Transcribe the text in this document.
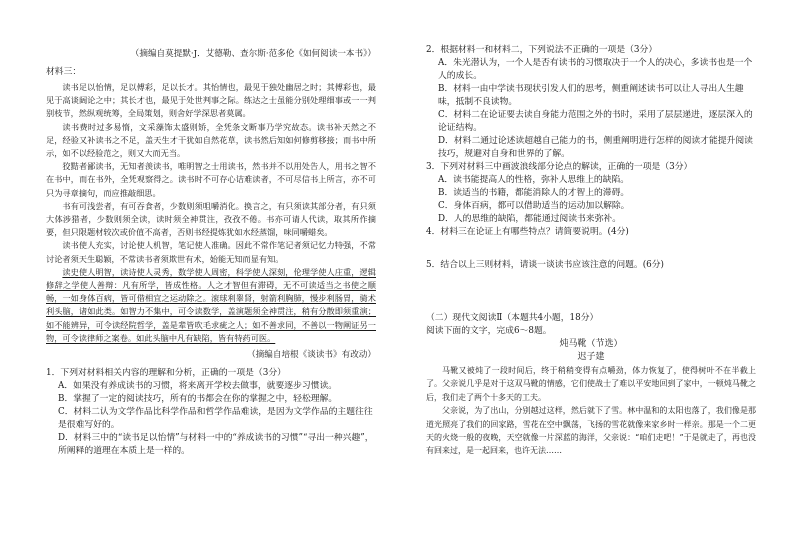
（摘编自莫提默·J．艾德勒、查尔斯·范多伦《如何阅读一本书》）

材料三：

读书足以怡情，足以傅彩，足以长才。其怡情也，最见于独处幽居之时；其傅彩也，最见于高谈阔论之中；其长才也，最见于处世判事之际。练达之士虽能分别处理细事或一一判别枝节，然纵观统筹，全局策划，则舍好学深思者莫属。

读书费时过多易惰，文采藻饰太盛则矫，全凭条文断事乃学究故态。读书补天然之不足，经验又补读书之不足，盖天生才干犹如自然花草，读书然后知如何修剪移接；而书中所示，如不以经验范之，则又大而无当。

狡黠者鄙读书，无知者羡读书，唯明智之士用读书，然书并不以用处告人，用书之智不在书中，而在书外，全凭观察得之。读书时不可存心诘难读者，不可尽信书上所言，亦不可只为寻章摘句，而应推敲细思。

书有可浅尝者，有可吞食者，少数则须咀嚼消化。换言之，有只须读其部分者，有只须大体涉猎者，少数则须全读，读时须全神贯注，孜孜不倦。书亦可请人代读，取其所作摘要，但只限题材较次或价值不高者，否则书经提炼犹如水经蒸馏，味同嚼蜡矣。

读书使人充实，讨论使人机智，笔记使人准确。因此不常作笔记者须记忆力特强，不常讨论者须天生聪颖，不常读书者须欺世有术，始能无知而显有知。

读史使人明智，读诗使人灵秀，数学使人周密，科学使人深刻，伦理学使人庄重，逻辑修辞之学使人善辩：凡有所学，皆成性格。人之才智但有滞碍，无不可读适当之书使之顺畅，一如身体百病，皆可借相宜之运动除之。滚球利睾肾，射箭利胸肺，慢步利肠胃，骑术利头脑，诸如此类。如智力不集中，可令读数学，盖演题须全神贯注，稍有分散即须重演；如不能辨异，可令读经院哲学，盖是辈皆吹毛求疵之人；如不善求同，不善以一物阐证另一物，可令读律师之案卷。如此头脑中凡有缺陷，皆有特药可医。

（摘编自培根《谈读书》有改动）

1．下列对材料相关内容的理解和分析，正确的一项是（3分）

A．如果没有养成读书的习惯，将来离开学校去做事，就要逐步习惯读。

B．掌握了一定的阅读技巧，所有的书都会在你的掌握之中，轻松理解。

C．材料二认为文学作品比科学作品和哲学作品难读，是因为文学作品的主题往往是很难写好的。

D．材料三中的“读书足以怡情”与材料一中的“养成读书的习惯”“寻出一种兴趣”，所阐释的道理在本质上是一样的。

2．根据材料一和材料二，下列说法不正确的一项是（3分）

A．朱光潜认为，一个人是否有读书的习惯取决于一个人的决心，多读书也是一个人的成长。

B．材料一由中学读书现状引发人们的思考，侧重阐述读书可以让人寻出人生趣味，抵制不良读物。

C．材料二在论证要去读自身能力范围之外的书时，采用了层层递进，逐层深入的论证结构。

D．材料二通过论述读超越自己能力的书，侧重阐明进行怎样的阅读才能提升阅读技巧，规避对自身和世界的了解。

3．下列对材料三中画波浪线部分论点的解读，正确的一项是（3分）

A．读书能提高人的性格，弥补人思维上的缺陷。

B．读适当的书籍，都能消除人的才智上的滞碍。

C．身体百病，都可以借助适当的运动加以解除。

D．人的思维的缺陷，都能通过阅读书来弥补。

4．材料三在论证上有哪些特点？请简要说明。(4分)

5．结合以上三则材料，请谈一谈读书应该注意的问题。(6分)

（二）现代文阅读Ⅱ（本题共4小题，18分）

阅读下面的文字，完成6～8题。

炖马靴（节选）

迟子建

马靴又被炖了一段时间后，终于稍稍变得有点嚼劲，体力恢复了，使得树叶不在半截上了。父亲说几乎是对于这双马靴的情感，它们使战士了难以平安地回到了家中，一顿炖马靴之后，我们走了两个十多天的工夫。

父亲说，为了出山，分别越过这样，然后就下了雪。林中温和的太阳也落了，我们像是那道光照亮了我们的回家路，雪花在空中飘荡，飞扬的雪花就像来家乡时一样亲。那是一个二更天的火烧一般的夜晚，天空就像一片深蓝的海洋，父亲说：“咱们走吧！”于是就走了，再也没有回来过，是一起回来，也许无法……
